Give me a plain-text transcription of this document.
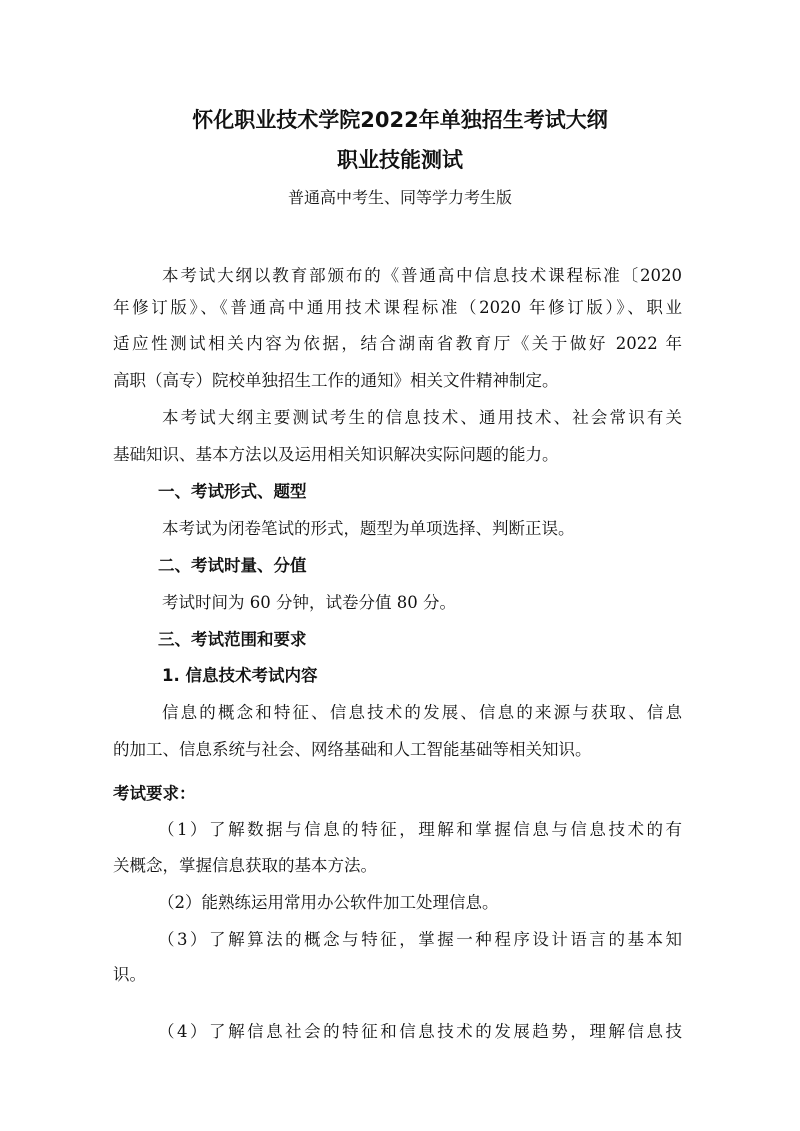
怀化职业技术学院2022年单独招生考试大纲
职业技能测试
普通高中考生、同等学力考生版
本考试大纲以教育部颁布的《普通高中信息技术课程标准〔2020
年修订版》、《普通高中通用技术课程标准（2020 年修订版）》、职业
适应性测试相关内容为依据，结合湖南省教育厅《关于做好 2022 年
高职（高专）院校单独招生工作的通知》相关文件精神制定。
本考试大纲主要测试考生的信息技术、通用技术、社会常识有关
基础知识、基本方法以及运用相关知识解决实际问题的能力。
一、考试形式、题型
本考试为闭卷笔试的形式，题型为单项选择、判断正误。
二、考试时量、分值
考试时间为 60 分钟，试卷分值 80 分。
三、考试范围和要求
1. 信息技术考试内容
信息的概念和特征、信息技术的发展、信息的来源与获取、信息
的加工、信息系统与社会、网络基础和人工智能基础等相关知识。
考试要求：
（1）了解数据与信息的特征，理解和掌握信息与信息技术的有
关概念，掌握信息获取的基本方法。
（2）能熟练运用常用办公软件加工处理信息。
（3）了解算法的概念与特征，掌握一种程序设计语言的基本知
识。
（4）了解信息社会的特征和信息技术的发展趋势，理解信息技
